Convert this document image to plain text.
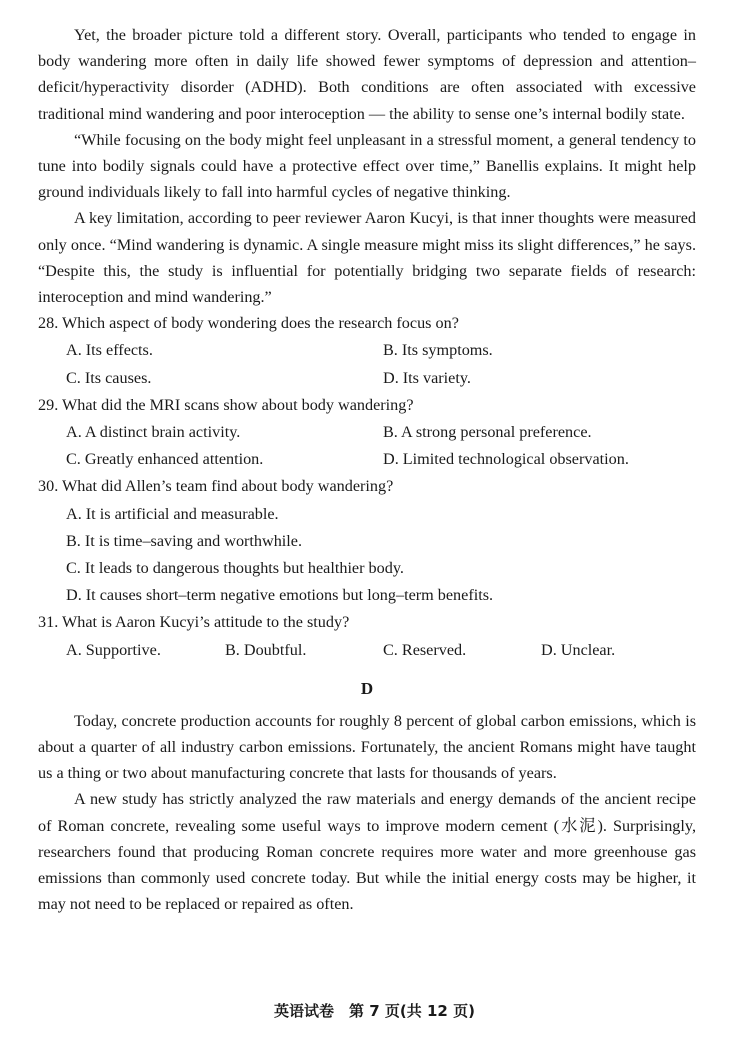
Yet, the broader picture told a different story. Overall, participants who tended to engage in body wandering more often in daily life showed fewer symptoms of depression and attention–deficit/hyperactivity disorder (ADHD). Both conditions are often associated with excessive traditional mind wandering and poor interoception — the ability to sense one’s internal bodily state.

“While focusing on the body might feel unpleasant in a stressful moment, a general tendency to tune into bodily signals could have a protective effect over time,” Banellis explains. It might help ground individuals likely to fall into harmful cycles of negative thinking.

A key limitation, according to peer reviewer Aaron Kucyi, is that inner thoughts were measured only once. “Mind wandering is dynamic. A single measure might miss its slight differences,” he says. “Despite this, the study is influential for potentially bridging two separate fields of research: interoception and mind wandering.”

28. Which aspect of body wondering does the research focus on?

A. Its effects.	B. Its symptoms.
C. Its causes.	D. Its variety.

29. What did the MRI scans show about body wandering?

A. A distinct brain activity.	B. A strong personal preference.
C. Greatly enhanced attention.	D. Limited technological observation.

30. What did Allen’s team find about body wandering?

A. It is artificial and measurable.
B. It is time–saving and worthwhile.
C. It leads to dangerous thoughts but healthier body.
D. It causes short–term negative emotions but long–term benefits.

31. What is Aaron Kucyi’s attitude to the study?

A. Supportive.	B. Doubtful.	C. Reserved.	D. Unclear.
D

Today, concrete production accounts for roughly 8 percent of global carbon emissions, which is about a quarter of all industry carbon emissions. Fortunately, the ancient Romans might have taught us a thing or two about manufacturing concrete that lasts for thousands of years.

A new study has strictly analyzed the raw materials and energy demands of the ancient recipe of Roman concrete, revealing some useful ways to improve modern cement (水泥). Surprisingly, researchers found that producing Roman concrete requires more water and more greenhouse gas emissions than commonly used concrete today. But while the initial energy costs may be higher, it may not need to be replaced or repaired as often.

英语试卷　第 7 页(共 12 页)
